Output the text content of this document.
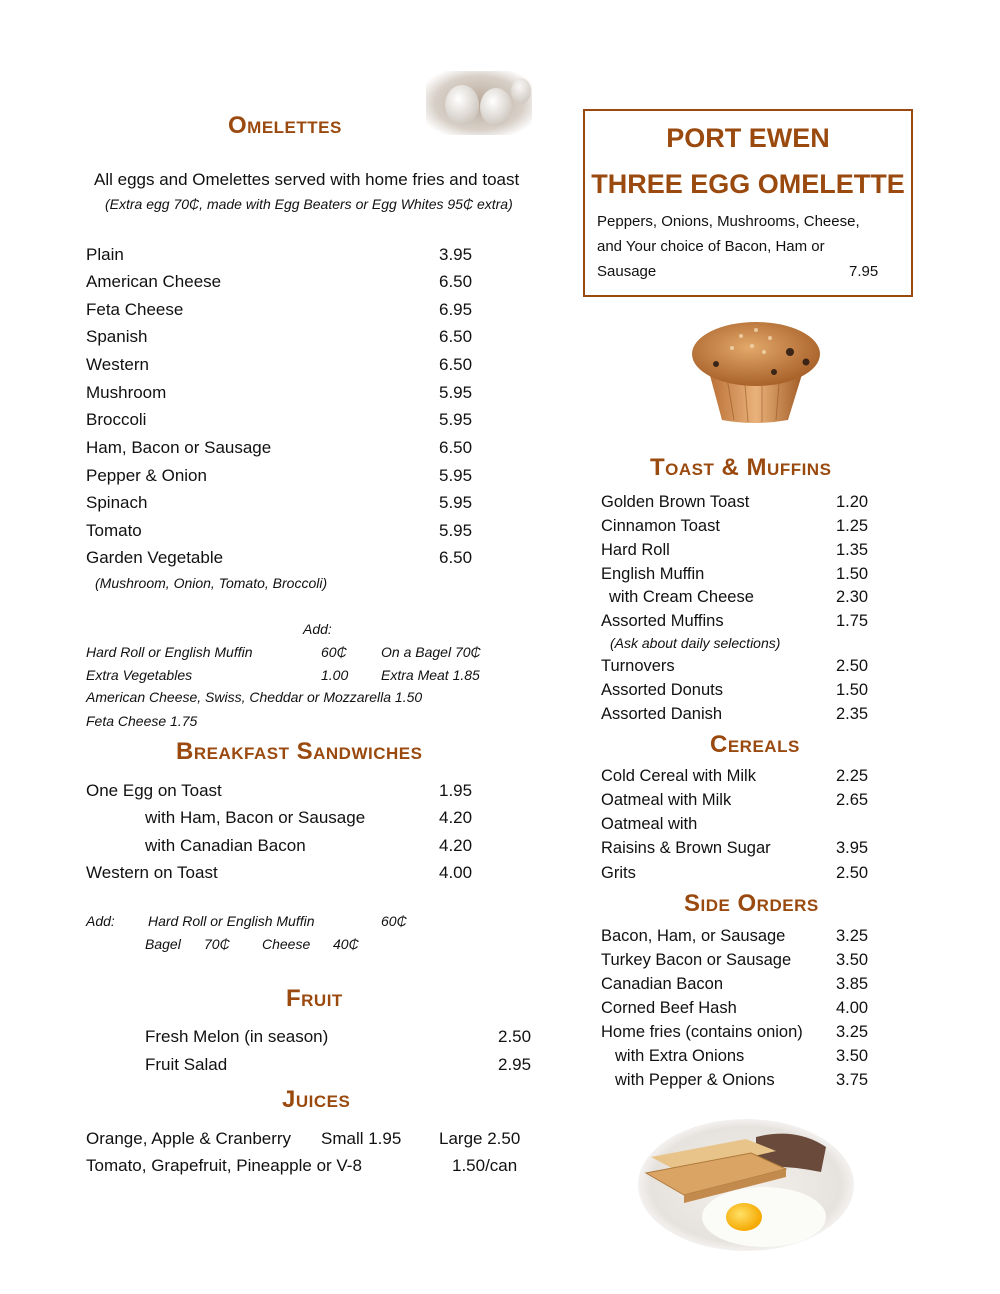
Omelettes
All eggs and Omelettes served with home fries and toast
(Extra egg 70₵, made with Egg Beaters or Egg Whites 95₵ extra)
Plain	3.95
American Cheese	6.50
Feta Cheese	6.95
Spanish	6.50
Western	6.50
Mushroom	5.95
Broccoli	5.95
Ham, Bacon or Sausage	6.50
Pepper & Onion	5.95
Spinach	5.95
Tomato	5.95
Garden Vegetable	6.50
(Mushroom, Onion, Tomato, Broccoli)
Add:
Hard Roll or English Muffin	60₵ On a Bagel 70₵
Extra Vegetables	1.00 Extra Meat 1.85
American Cheese, Swiss, Cheddar or Mozzarella 1.50
Feta Cheese 1.75
Breakfast Sandwiches
One Egg on Toast	1.95
with Ham, Bacon or Sausage	4.20
with Canadian Bacon	4.20
Western on Toast	4.00
Add: Hard Roll or English Muffin	60₵
Bagel 70₵ Cheese 40₵
Fruit
Fresh Melon (in season)	2.50
Fruit Salad	2.95
Juices
Orange, Apple & Cranberry Small 1.95 Large 2.50
Tomato, Grapefruit, Pineapple or V-8	1.50/can
PORT EWEN
THREE EGG OMELETTE
Peppers, Onions, Mushrooms, Cheese,
and Your choice of Bacon, Ham or
Sausage	7.95
Toast & Muffins
Golden Brown Toast	1.20
Cinnamon Toast	1.25
Hard Roll	1.35
English Muffin	1.50
with Cream Cheese	2.30
Assorted Muffins	1.75
(Ask about daily selections)
Turnovers	2.50
Assorted Donuts	1.50
Assorted Danish	2.35
Cereals
Cold Cereal with Milk	2.25
Oatmeal with Milk	2.65
Oatmeal with
Raisins & Brown Sugar	3.95
Grits	2.50
Side Orders
Bacon, Ham, or Sausage	3.25
Turkey Bacon or Sausage	3.50
Canadian Bacon	3.85
Corned Beef Hash	4.00
Home fries (contains onion) 3.25
with Extra Onions	3.50
with Pepper & Onions	3.75
